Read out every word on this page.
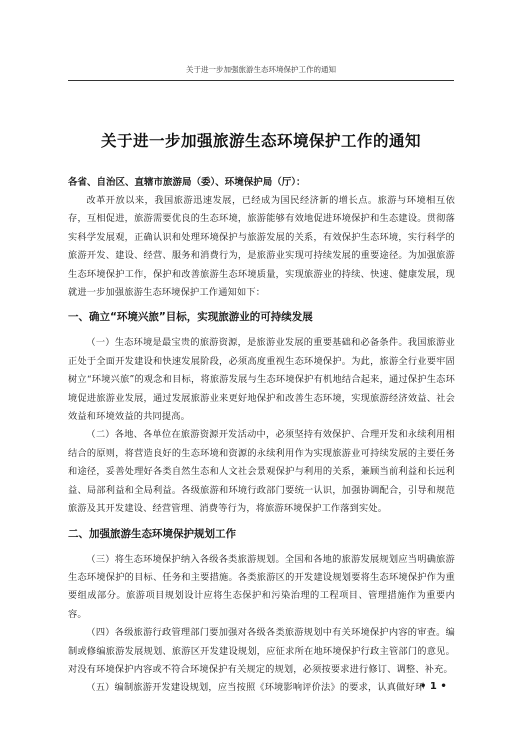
关于进一步加强旅游生态环境保护工作的通知
关于进一步加强旅游生态环境保护工作的通知

各省、自治区、直辖市旅游局（委）、环境保护局（厅）：

改革开放以来，我国旅游迅速发展，已经成为国民经济新的增长点。旅游与环境相互依存，互相促进，旅游需要优良的生态环境，旅游能够有效地促进环境保护和生态建设。贯彻落实科学发展观，正确认识和处理环境保护与旅游发展的关系，有效保护生态环境，实行科学的旅游开发、建设、经营、服务和消费行为，是旅游业实现可持续发展的重要途径。为加强旅游生态环境保护工作，保护和改善旅游生态环境质量，实现旅游业的持续、快速、健康发展，现就进一步加强旅游生态环境保护工作通知如下：

一、确立“环境兴旅”目标，实现旅游业的可持续发展

（一）生态环境是最宝贵的旅游资源，是旅游业发展的重要基础和必备条件。我国旅游业正处于全面开发建设和快速发展阶段，必须高度重视生态环境保护。为此，旅游全行业要牢固树立“环境兴旅”的观念和目标，将旅游发展与生态环境保护有机地结合起来，通过保护生态环境促进旅游业发展，通过发展旅游业来更好地保护和改善生态环境，实现旅游经济效益、社会效益和环境效益的共同提高。

（二）各地、各单位在旅游资源开发活动中，必须坚持有效保护、合理开发和永续利用相结合的原则，将营造良好的生态环境和资源的永续利用作为实现旅游业可持续发展的主要任务和途径，妥善处理好各类自然生态和人文社会景观保护与利用的关系，兼顾当前利益和长远利益、局部利益和全局利益。各级旅游和环境行政部门要统一认识，加强协调配合，引导和规范旅游及其开发建设、经营管理、消费等行为，将旅游环境保护工作落到实处。

二、加强旅游生态环境保护规划工作

（三）将生态环境保护纳入各级各类旅游规划。全国和各地的旅游发展规划应当明确旅游生态环境保护的目标、任务和主要措施。各类旅游区的开发建设规划要将生态环境保护作为重要组成部分。旅游项目规划设计应将生态保护和污染治理的工程项目、管理措施作为重要内容。

（四）各级旅游行政管理部门要加强对各级各类旅游规划中有关环境保护内容的审查。编制或修编旅游发展规划、旅游区开发建设规划，应征求所在地环境保护行政主管部门的意见。对没有环境保护内容或不符合环境保护有关规定的规划，必须按要求进行修订、调整、补充。

（五）编制旅游开发建设规划，应当按照《环境影响评价法》的要求，认真做好环

• 1 •
